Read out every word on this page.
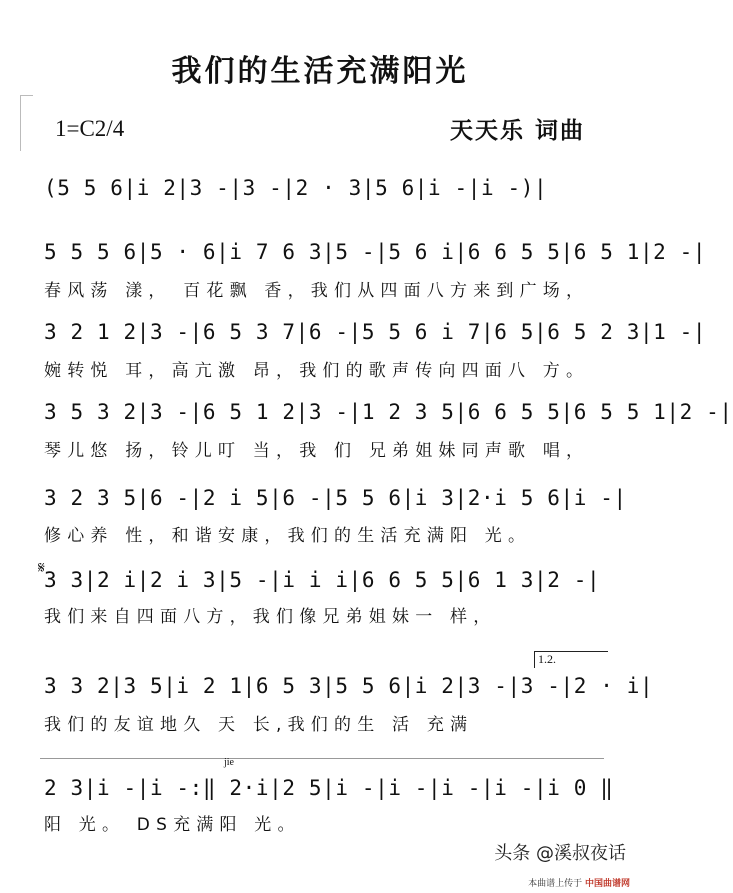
我们的生活充满阳光
1=C2/4	天天乐 词曲
(5 5 6|i 2|3 -|3 -|2 · 3|5 6|i -|i -)|
5 5 5 6|5 · 6|i 7 6 3|5 -|5 6 i|6 6 5 5|6 5 1|2 -|
春风荡 漾， 百花飘 香，我们从四面八方来到广场，
3 2 1 2|3 -|6 5 3 7|6 -|5 5 6 i 7|6 5|6 5 2 3|1 -|
婉转悦 耳，高亢激 昂，我们的歌声传向四面八 方。
3 5 3 2|3 -|6 5 1 2|3 -|1 2 3 5|6 6 5 5|6 5 5 1|2 -|
琴儿悠 扬，铃儿叮 当，我 们 兄弟姐妹同声歌 唱，
3 2 3 5|6 -|2 i 5|6 -|5 5 6|i 3|2·i 5 6|i -|
修心养 性，和谐安康，我们的生活充满阳 光。
𝄋
3 3|2 i|2 i 3|5 -|i i i|6 6 5 5|6 1 3|2 -|
我们来自四面八方，我们像兄弟姐妹一 样，
1.2.
3 3 2|3 5|i 2 1|6 5 3|5 5 6|i 2|3 -|3 -|2 · i|
我们的友谊地久 天 长,我们的生 活 充满
jie
2 3|i -|i -:‖ 2·i|2 5|i -|i -|i -|i -|i 0 ‖
阳 光。 DS充满阳 光。
头条 @溪叔夜话
本曲谱上传于 中国曲谱网
